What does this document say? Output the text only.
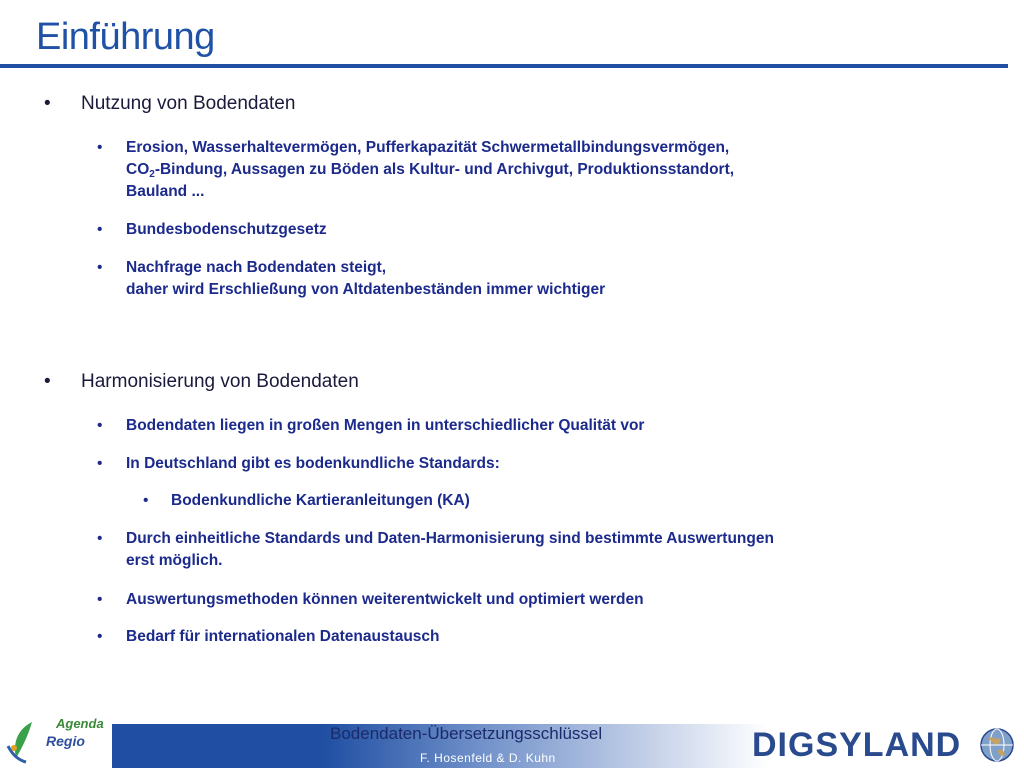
Einführung
• Nutzung von Bodendaten
• Erosion, Wasserhaltevermögen, Pufferkapazität Schwermetallbindungsvermögen,
$CO_2$-Bindung, Aussagen zu Böden als Kultur- und Archivgut, Produktionsstandort,
Bauland ...
• Bundesbodenschutzgesetz
• Nachfrage nach Bodendaten steigt,
daher wird Erschließung von Altdatenbeständen immer wichtiger
• Harmonisierung von Bodendaten
• Bodendaten liegen in großen Mengen in unterschiedlicher Qualität vor
• In Deutschland gibt es bodenkundliche Standards:
• Bodenkundliche Kartieranleitungen (KA)
• Durch einheitliche Standards und Daten-Harmonisierung sind bestimmte Auswertungen
erst möglich.
• Auswertungsmethoden können weiterentwickelt und optimiert werden
• Bedarf für internationalen Datenaustausch
Agenda
Regio	Bodendaten-Übersetzungsschlüssel
F. Hosenfeld & D. Kuhn	DIGSYLAND
